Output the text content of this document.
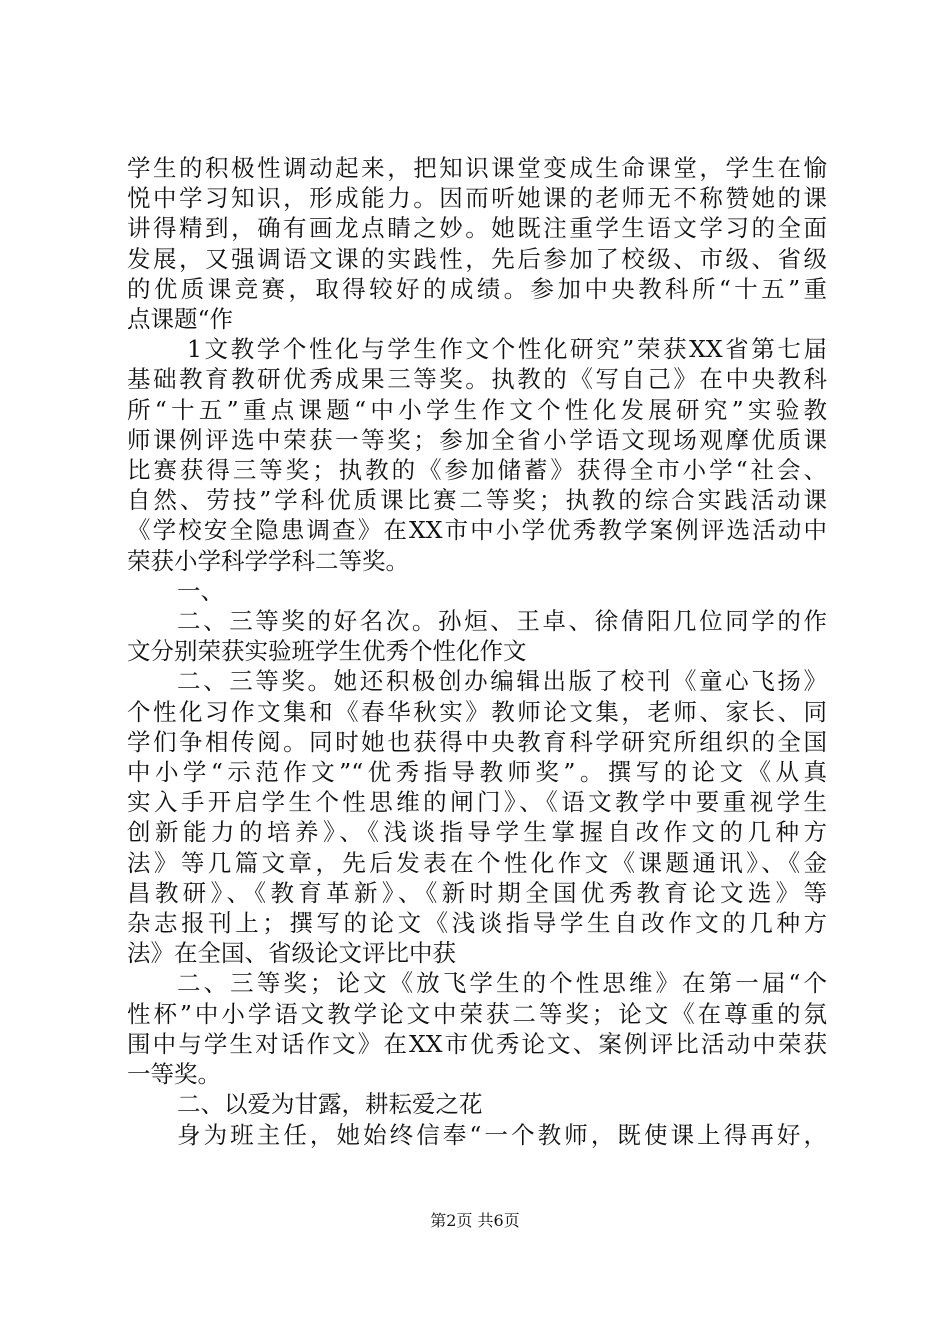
学生的积极性调动起来，把知识课堂变成生命课堂，学生在愉
悦中学习知识，形成能力。因而听她课的老师无不称赞她的课
讲得精到，确有画龙点睛之妙。她既注重学生语文学习的全面
发展，又强调语文课的实践性，先后参加了校级、市级、省级
的优质课竞赛，取得较好的成绩。参加中央教科所“十五”重
点课题“作
1文教学个性化与学生作文个性化研究”荣获XX省第七届
基础教育教研优秀成果三等奖。执教的《写自己》在中央教科
所“十五”重点课题“中小学生作文个性化发展研究”实验教
师课例评选中荣获一等奖；参加全省小学语文现场观摩优质课
比赛获得三等奖；执教的《参加储蓄》获得全市小学“社会、
自然、劳技”学科优质课比赛二等奖；执教的综合实践活动课
《学校安全隐患调查》在XX市中小学优秀教学案例评选活动中
荣获小学科学学科二等奖。
一、
二、三等奖的好名次。孙烜、王卓、徐倩阳几位同学的作
文分别荣获实验班学生优秀个性化作文
二、三等奖。她还积极创办编辑出版了校刊《童心飞扬》
个性化习作文集和《春华秋实》教师论文集，老师、家长、同
学们争相传阅。同时她也获得中央教育科学研究所组织的全国
中小学“示范作文”“优秀指导教师奖”。撰写的论文《从真
实入手开启学生个性思维的闸门》、《语文教学中要重视学生
创新能力的培养》、《浅谈指导学生掌握自改作文的几种方
法》等几篇文章，先后发表在个性化作文《课题通讯》、《金
昌教研》、《教育革新》、《新时期全国优秀教育论文选》等
杂志报刊上；撰写的论文《浅谈指导学生自改作文的几种方
法》在全国、省级论文评比中获
二、三等奖；论文《放飞学生的个性思维》在第一届“个
性杯”中小学语文教学论文中荣获二等奖；论文《在尊重的氛
围中与学生对话作文》在XX市优秀论文、案例评比活动中荣获
一等奖。
二、以爱为甘露，耕耘爱之花
身为班主任，她始终信奉“一个教师，既使课上得再好，
第2页 共6页
